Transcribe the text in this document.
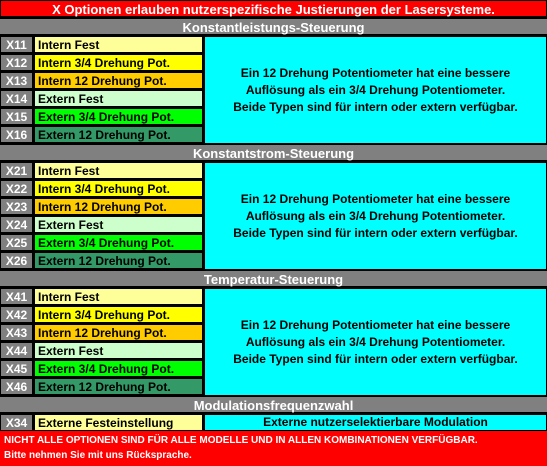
X Optionen erlauben nutzerspezifische Justierungen der Lasersysteme.
Konstantleistungs-Steuerung
X11 Intern Fest
X12 Intern 3/4 Drehung Pot.
X13 Intern 12 Drehung Pot.
X14 Extern Fest
X15 Extern 3/4 Drehung Pot.
X16 Extern 12 Drehung Pot.
Ein 12 Drehung Potentiometer hat eine bessere
Auflösung als ein 3/4 Drehung Potentiometer.
Beide Typen sind für intern oder extern verfügbar.
Konstantstrom-Steuerung
X21 Intern Fest
X22 Intern 3/4 Drehung Pot.
X23 Intern 12 Drehung Pot.
X24 Extern Fest
X25 Extern 3/4 Drehung Pot.
X26 Extern 12 Drehung Pot.
Ein 12 Drehung Potentiometer hat eine bessere
Auflösung als ein 3/4 Drehung Potentiometer.
Beide Typen sind für intern oder extern verfügbar.
Temperatur-Steuerung
X41 Intern Fest
X42 Intern 3/4 Drehung Pot.
X43 Intern 12 Drehung Pot.
X44 Extern Fest
X45 Extern 3/4 Drehung Pot.
X46 Extern 12 Drehung Pot.
Ein 12 Drehung Potentiometer hat eine bessere
Auflösung als ein 3/4 Drehung Potentiometer.
Beide Typen sind für intern oder extern verfügbar.
Modulationsfrequenzwahl
X34 Externe Festeinstellung	Externe nutzerselektierbare Modulation
NICHT ALLE OPTIONEN SIND FÜR ALLE MODELLE UND IN ALLEN KOMBINATIONEN VERFÜGBAR.
Bitte nehmen Sie mit uns Rücksprache.
